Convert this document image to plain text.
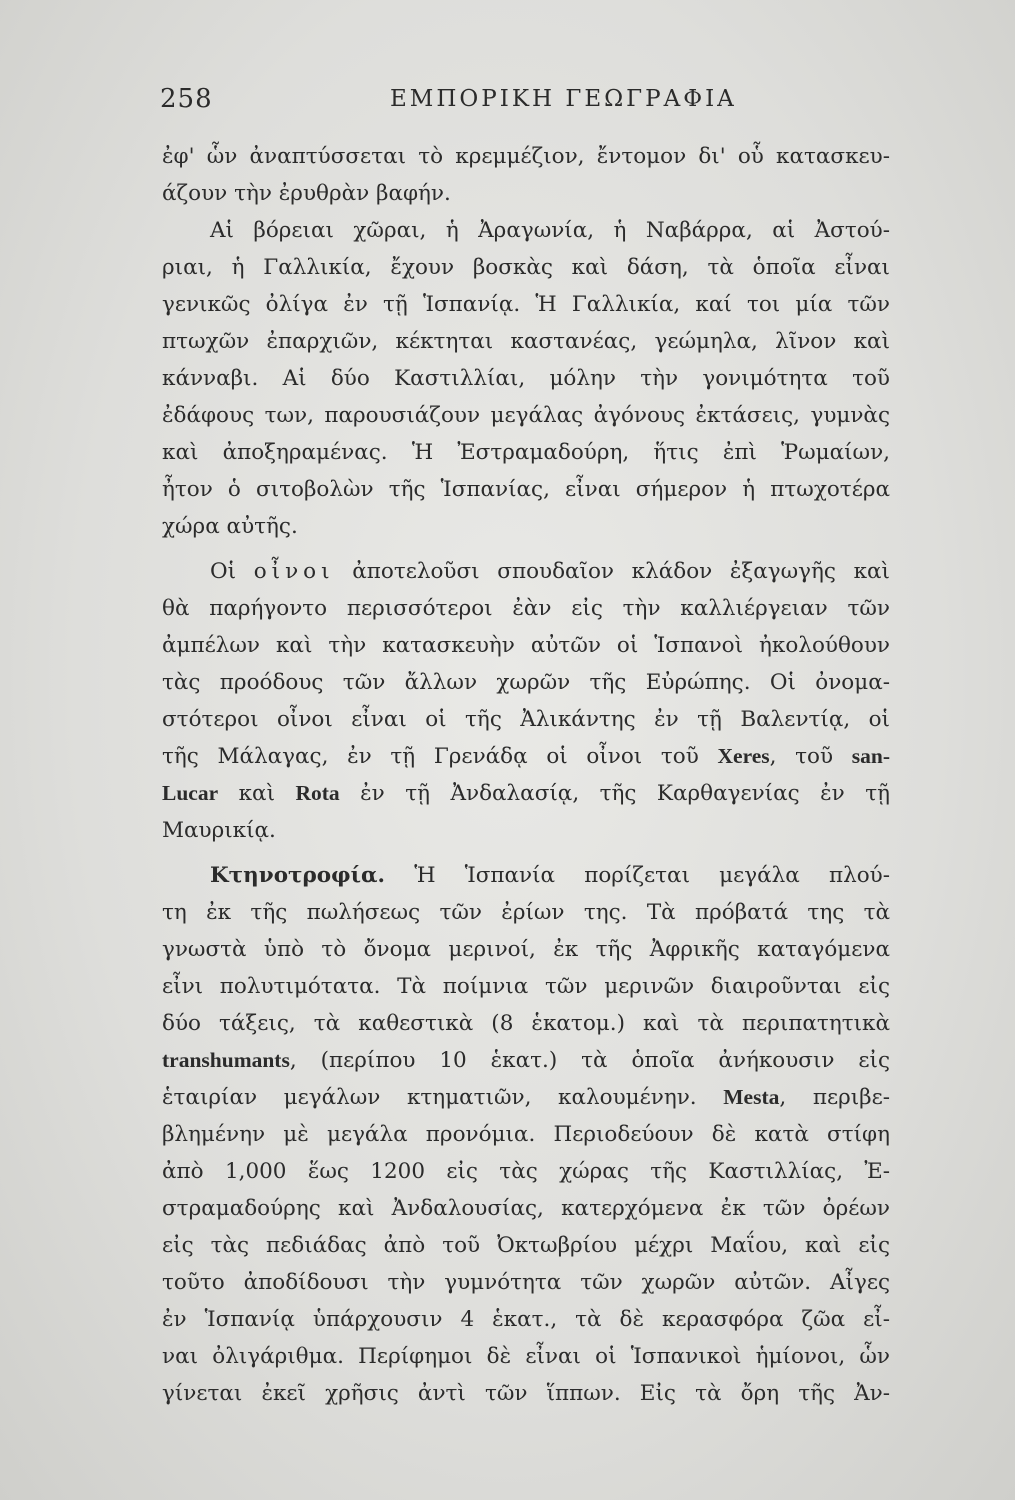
258	ΕΜΠΟΡΙΚΗ ΓΕΩΓΡΑΦΙΑ
ἐφ' ὧν ἀναπτύσσεται τὸ κρεμμέζιον, ἔντομον δι' οὗ κατασκευ-
άζουν τὴν ἐρυθρὰν βαφήν.
Αἱ βόρειαι χῶραι, ἡ Ἀραγωνία, ἡ Ναβάρρα, αἱ Ἀστού-
ριαι, ἡ Γαλλικία, ἔχουν βοσκὰς καὶ δάση, τὰ ὁποῖα εἶναι
γενικῶς ὀλίγα ἐν τῇ Ἱσπανίᾳ. Ἡ Γαλλικία, καί τοι μία τῶν
πτωχῶν ἐπαρχιῶν, κέκτηται καστανέας, γεώμηλα, λῖνον καὶ
κάνναβι. Αἱ δύο Καστιλλίαι, μόλην τὴν γονιμότητα τοῦ
ἐδάφους των, παρουσιάζουν μεγάλας ἀγόνους ἐκτάσεις, γυμνὰς
καὶ ἀποξηραμένας. Ἡ Ἐστραμαδούρη, ἥτις ἐπὶ Ῥωμαίων,
ἦτον ὁ σιτοβολὼν τῆς Ἱσπανίας, εἶναι σήμερον ἡ πτωχοτέρα
χώρα αὐτῆς.
Οἱ οἶνοι ἀποτελοῦσι σπουδαῖον κλάδον ἐξαγωγῆς καὶ
θὰ παρήγοντο περισσότεροι ἐὰν εἰς τὴν καλλιέργειαν τῶν
ἀμπέλων καὶ τὴν κατασκευὴν αὐτῶν οἱ Ἱσπανοὶ ἠκολούθουν
τὰς προόδους τῶν ἄλλων χωρῶν τῆς Εὐρώπης. Οἱ ὀνομα-
στότεροι οἶνοι εἶναι οἱ τῆς Ἀλικάντης ἐν τῇ Βαλεντίᾳ, οἱ
τῆς Μάλαγας, ἐν τῇ Γρενάδᾳ οἱ οἶνοι τοῦ Xeres, τοῦ san-
Lucar καὶ Rota ἐν τῇ Ἀνδαλασίᾳ, τῆς Καρθαγενίας ἐν τῇ
Μαυρικίᾳ.
Κτηνοτροφία. Ἡ Ἱσπανία πορίζεται μεγάλα πλού-
τη ἐκ τῆς πωλήσεως τῶν ἐρίων της. Τὰ πρόβατά της τὰ
γνωστὰ ὑπὸ τὸ ὄνομα μερινοί, ἐκ τῆς Ἀφρικῆς καταγόμενα
εἶνι πολυτιμότατα. Τὰ ποίμνια τῶν μερινῶν διαιροῦνται εἰς
δύο τάξεις, τὰ καθεστικὰ (8 ἑκατομ.) καὶ τὰ περιπατητικὰ
transhumants, (περίπου 10 ἑκατ.) τὰ ὁποῖα ἀνήκουσιν εἰς
ἑταιρίαν μεγάλων κτηματιῶν, καλουμένην. Mesta, περιβε-
βλημένην μὲ μεγάλα προνόμια. Περιοδεύουν δὲ κατὰ στίφη
ἀπὸ 1,000 ἕως 1200 εἰς τὰς χώρας τῆς Καστιλλίας, Ἐ-
στραμαδούρης καὶ Ἀνδαλουσίας, κατερχόμενα ἐκ τῶν ὀρέων
εἰς τὰς πεδιάδας ἀπὸ τοῦ Ὀκτωβρίου μέχρι Μαΐου, καὶ εἰς
τοῦτο ἀποδίδουσι τὴν γυμνότητα τῶν χωρῶν αὐτῶν. Αἶγες
ἐν Ἱσπανίᾳ ὑπάρχουσιν 4 ἑκατ., τὰ δὲ κερασφόρα ζῶα εἶ-
ναι ὀλιγάριθμα. Περίφημοι δὲ εἶναι οἱ Ἱσπανικοὶ ἡμίονοι, ὧν
γίνεται ἐκεῖ χρῆσις ἀντὶ τῶν ἵππων. Εἰς τὰ ὄρη τῆς Ἀν-
